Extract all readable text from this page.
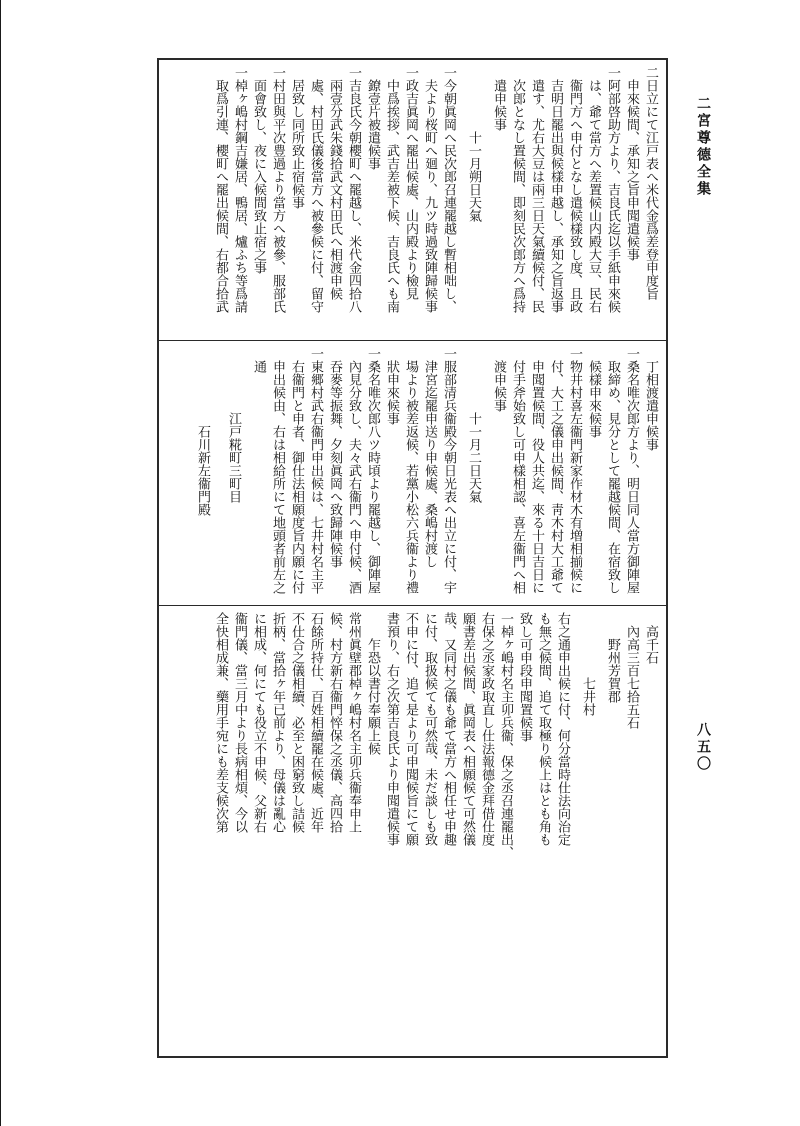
二宮尊德全集
八五〇
二日立にて江戸表へ米代金爲差登申度旨
申來候間、承知之旨申聞遣候事
一阿部啓助方より、吉良氏迄以手紙申來候
は、爺て當方へ差置候山内殿大豆、民右
衞門方へ申付となし遣候樣致し度、且政
吉明日罷出與候樣申越し、承知之旨返事
遣す、尤右大豆は兩三日天氣續候付、民
次郎となし置候間、即刻民次郎方へ爲持
遣申候事
十一月朔日天氣
一今朝眞岡へ民次郎召連罷越し暫相咄し、
夫より桜町へ廻り、九ツ時過致陣歸候事
一政吉眞岡へ罷出候處、山内殿より檢見
中爲挨拶、武吉差被下候、吉良氏へも南
鐐壹片被遣候事
一吉良氏今朝櫻町へ罷越し、米代金四拾八
兩壹分武朱錢拾武文村田氏へ相渡申候
處、村田氏儀後當方へ被參候に付、留守
居致し同所致止宿候事
一村田與平次豊過より當方へ被參、服部氏
面會致し、夜に入候間致止宿之事
一棹ヶ嶋村鋼吉嫌居、鴨居、爐ふち等爲請
取爲引連、櫻町へ罷出候間、右都合拾武
丁相渡遣申候事
一桑名唯次郎方より、明日同人當方御陣屋
取締め、見分として罷越候間、在宿致し
候樣申來候事
一物井村喜左衞門新家作材木有増相揃候に
付、大工之儀申出候間、靑木村大工爺て
申聞置候間、役人共迄、來る十日吉日に
付手斧始致し可申樣相認、喜左衞門へ相
渡申候事
十一月二日天氣
一服部清兵衞殿今朝日光表へ出立に付、宇
津宮迄罷申送り申候處、桑嶋村渡し
場より被差返候、若黨小松六兵衞より禮
狀申來候事
一桑名唯次郎八ツ時頃より罷越し、御陣屋
內見分致し、夫々武右衞門へ申付候、酒
吞麥等振舞、夕刻眞岡へ致歸陣候事
一東郷村武右衞門申出候は、七井村名主平
右衞門と申者、御仕法相願度旨内願に付
申出候由、右は相給所にて地頭者前左之
通
江戸糀町三町目
石川新左衞門殿
高千石
內高三百七拾五石
野州芳賀郡
七井村
右之通申出候に付、何分當時仕法向治定
も無之候間、追て取極り候上はとも角も
致し可申段申聞置候事
一棹ヶ嶋村名主卯兵衞、保之丞召連罷出、
右保之丞家政取直し仕法報德金拜借仕度
願書差出候間、眞岡表へ相願候て可然儀
哉、又同村之儀も爺て當方へ相任せ申趣
に付、取扱候ても可然哉、未だ談しも致
不申に付、追て是より可申聞候旨にて願
書預り、右之次第吉良氏より申聞遣候事
乍恐以書付奉願上候
常州眞壁郡棹ヶ嶋村名主卯兵衞奉申上
候、村方新右衞門悴保之丞儀、高四拾
石餘所持仕、百姓相續罷在候處、近年
不仕合之儀相續、必至と困窮致し詰候
折柄、當拾ヶ年已前より、母儀は亂心
に相成、何にても役立不申候、父新右
衞門儀、當三月中より長病相煩、今以
全快相成兼、藥用手宛にも差支候次第
